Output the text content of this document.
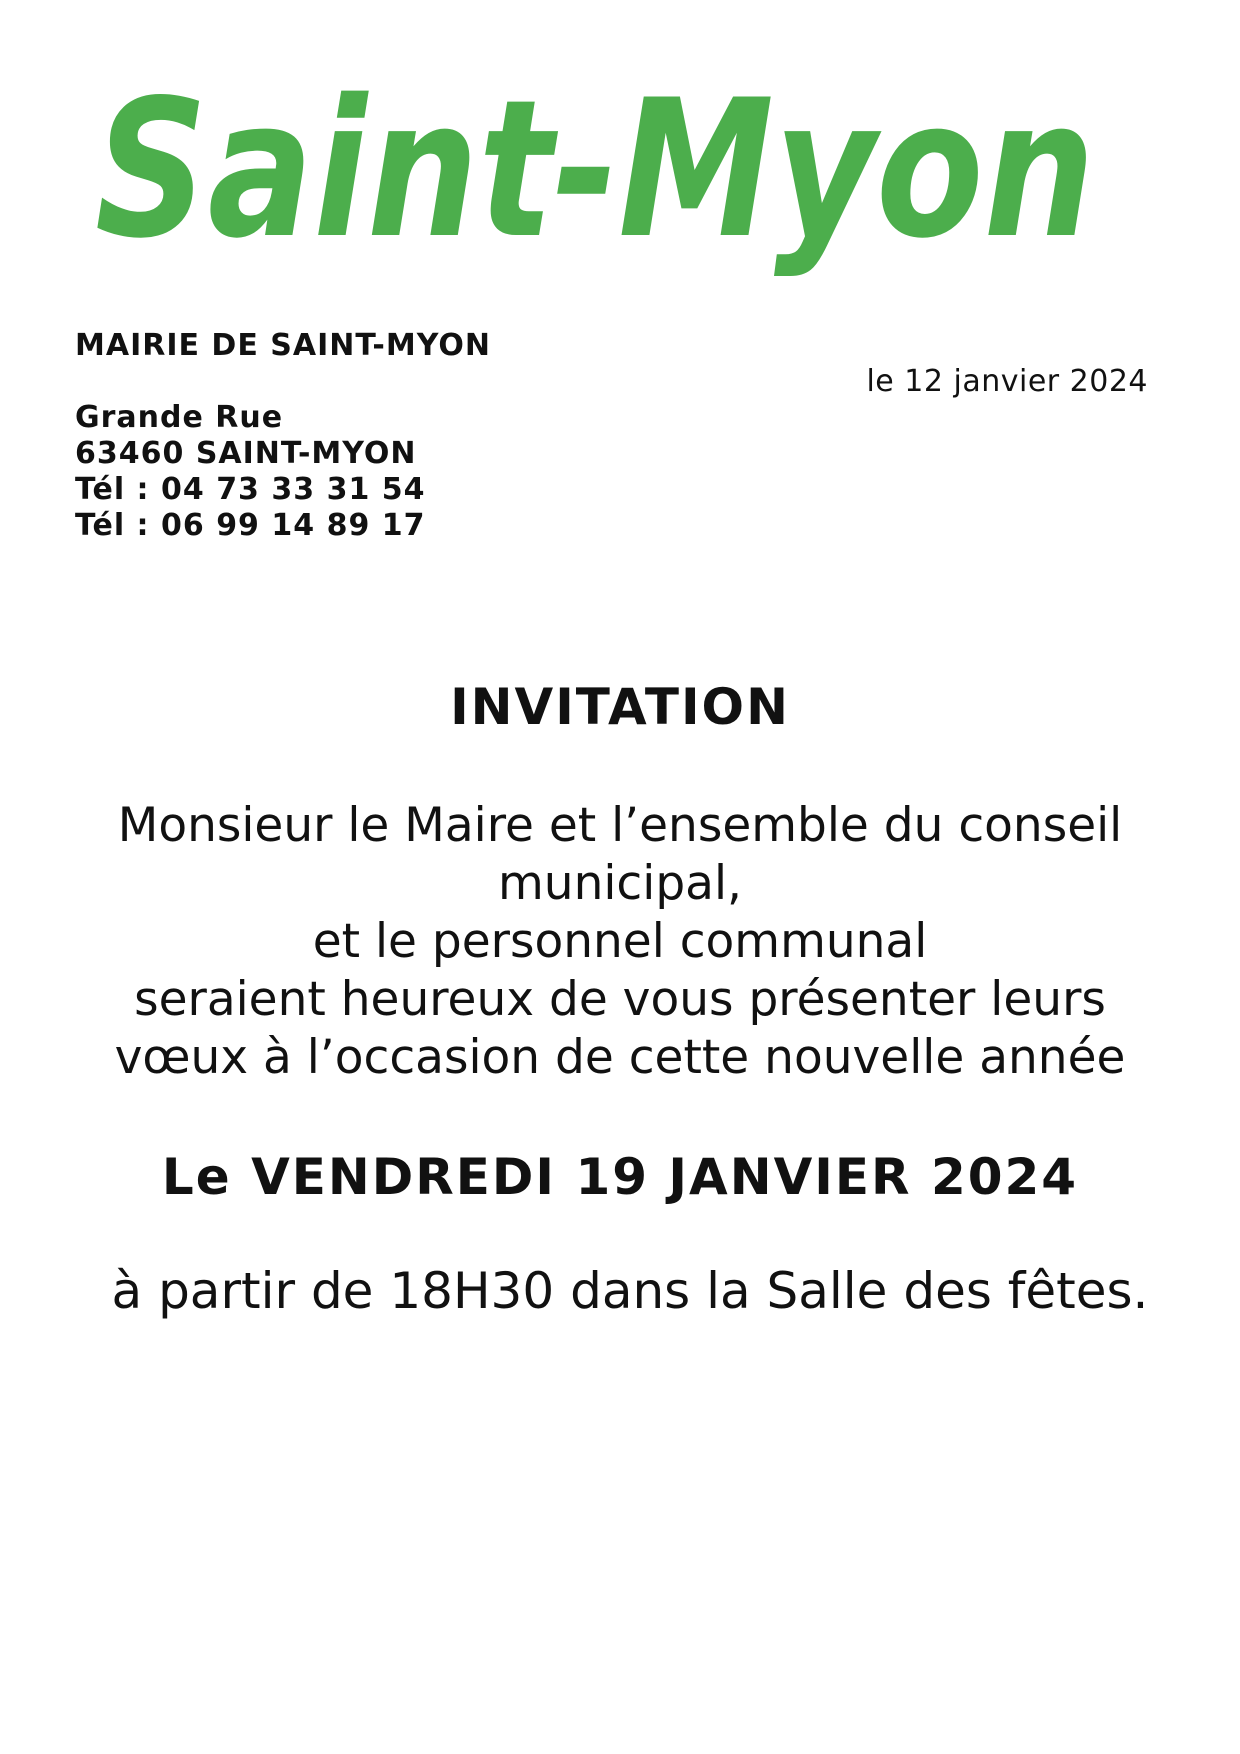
Saint-Myon
MAIRIE DE SAINT-MYON
Grande Rue
63460 SAINT-MYON
Tél : 04 73 33 31 54
Tél : 06 99 14 89 17
le 12 janvier 2024
INVITATION
Monsieur le Maire et l’ensemble du conseil
municipal,
et le personnel communal
seraient heureux de vous présenter leurs
vœux à l’occasion de cette nouvelle année
Le VENDREDI 19 JANVIER 2024
à partir de 18H30 dans la Salle des fêtes.
